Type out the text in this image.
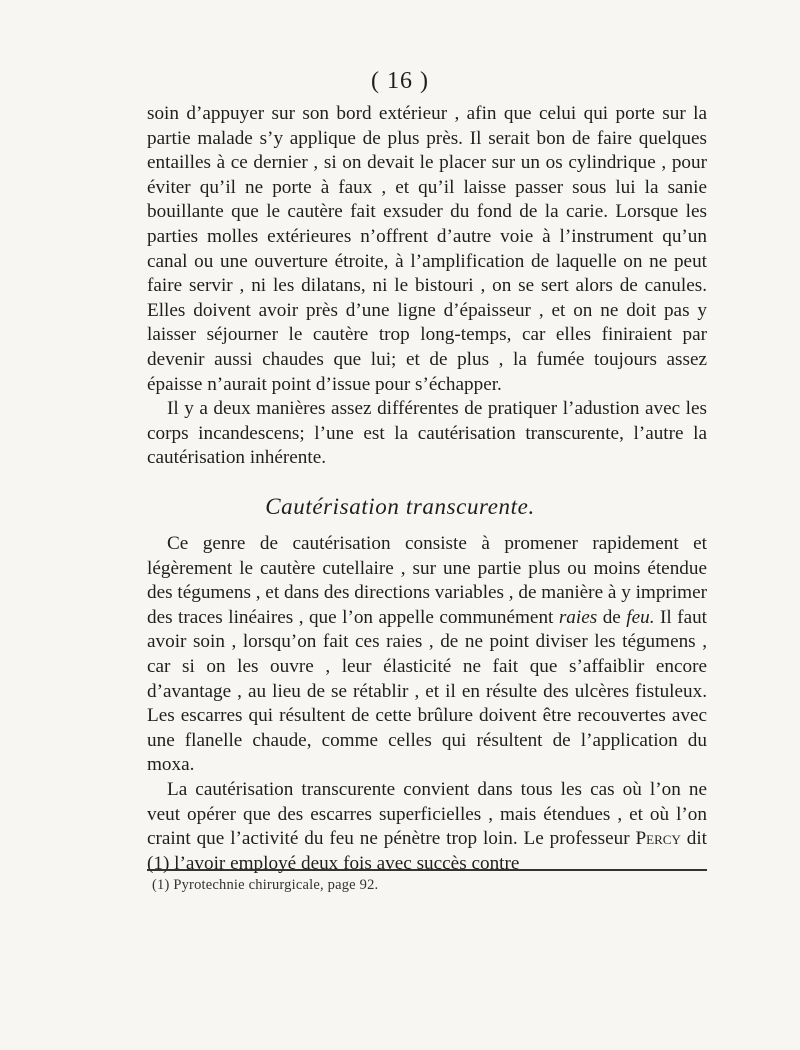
( 16 )

soin d’appuyer sur son bord extérieur , afin que celui qui porte sur la partie malade s’y applique de plus près. Il serait bon de faire quelques entailles à ce dernier , si on devait le placer sur un os cylindrique , pour éviter qu’il ne porte à faux , et qu’il laisse passer sous lui la sanie bouillante que le cautère fait exsuder du fond de la carie. Lorsque les parties molles extérieures n’offrent d’autre voie à l’instrument qu’un canal ou une ouverture étroite, à l’amplification de laquelle on ne peut faire servir , ni les dilatans, ni le bistouri , on se sert alors de canules. Elles doivent avoir près d’une ligne d’épaisseur , et on ne doit pas y laisser séjourner le cautère trop long-temps, car elles finiraient par devenir aussi chaudes que lui; et de plus , la fumée toujours assez épaisse n’aurait point d’issue pour s’échapper.

Il y a deux manières assez différentes de pratiquer l’adustion avec les corps incandescens; l’une est la cautérisation transcurente, l’autre la cautérisation inhérente.

Cautérisation transcurente.

Ce genre de cautérisation consiste à promener rapidement et légèrement le cautère cutellaire , sur une partie plus ou moins étendue des tégumens , et dans des directions variables , de manière à y imprimer des traces linéaires , que l’on appelle communément raies de feu. Il faut avoir soin , lorsqu’on fait ces raies , de ne point diviser les tégumens , car si on les ouvre , leur élasticité ne fait que s’affaiblir encore d’avantage , au lieu de se rétablir , et il en résulte des ulcères fistuleux. Les escarres qui résultent de cette brûlure doivent être recouvertes avec une flanelle chaude, comme celles qui résultent de l’application du moxa.

La cautérisation transcurente convient dans tous les cas où l’on ne veut opérer que des escarres superficielles , mais étendues , et où l’on craint que l’activité du feu ne pénètre trop loin. Le professeur Percy dit (1) l’avoir employé deux fois avec succès contre

(1) Pyrotechnie chirurgicale, page 92.
